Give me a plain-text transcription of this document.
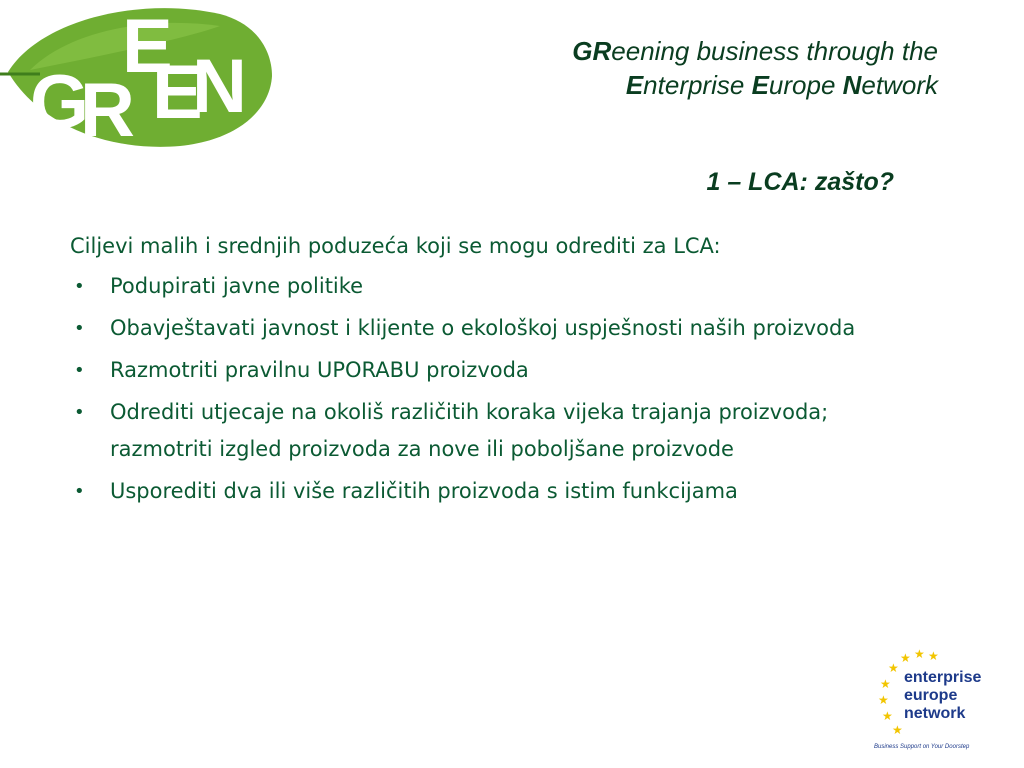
G
R
E
E
N	GReening business through the
Enterprise Europe Network
1 – LCA: zašto?

Ciljevi malih i srednjih poduzeća koji se mogu odrediti za LCA:

• Podupirati javne politike
• Obavještavati javnost i klijente o ekološkoj uspješnosti naših proizvoda
• Razmotriti pravilnu UPORABU proizvoda
• Odrediti utjecaje na okoliš različitih koraka vijeka trajanja proizvoda; razmotriti izgled proizvoda za nove ili poboljšane proizvode
• Usporediti dva ili više različitih proizvoda s istim funkcijama
★ ★ ★
★
★
★
★
★
enterprise
europe
network
Business Support on Your Doorstep
